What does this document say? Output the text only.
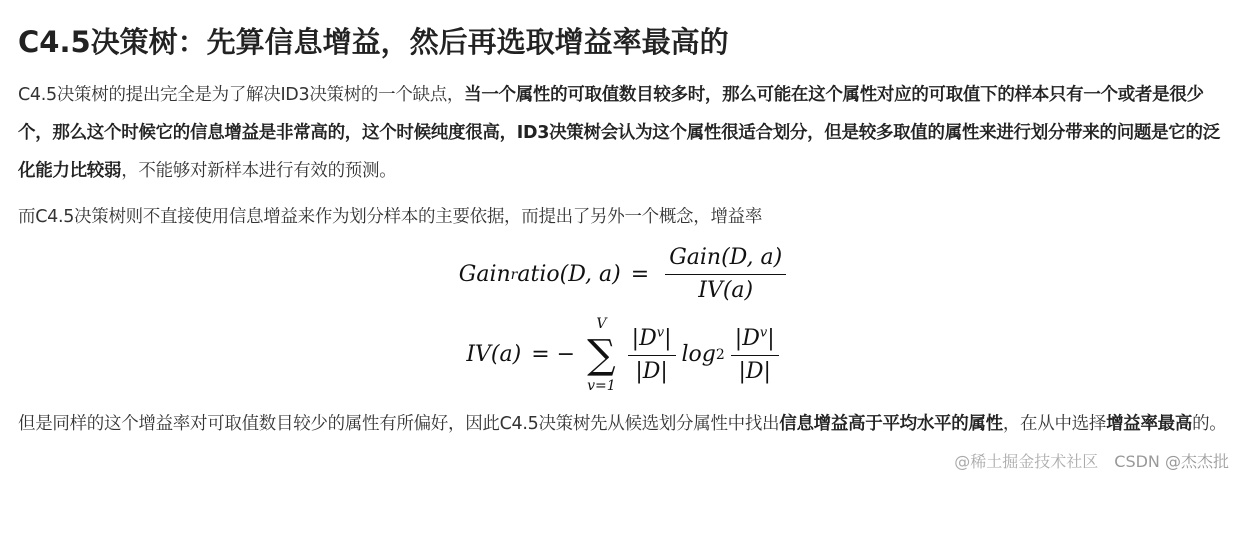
C4.5决策树：先算信息增益，然后再选取增益率最高的

C4.5决策树的提出完全是为了解决ID3决策树的一个缺点，当一个属性的可取值数目较多时，那么可能在这个属性对应的可取值下的样本只有一个或者是很少个，那么这个时候它的信息增益是非常高的，这个时候纯度很高，ID3决策树会认为这个属性很适合划分，但是较多取值的属性来进行划分带来的问题是它的泛化能力比较弱，不能够对新样本进行有效的预测。

而C4.5决策树则不直接使用信息增益来作为划分样本的主要依据，而提出了另外一个概念，增益率

Gain r atio(D, $a) = \frac{\text{Gain(D, a)}}{IV(a)}$
IV(a) = −
V
∑
v=1
$\frac{|D^v|}{|D|}$ $\log 2 \frac{|D^v|}{|D|}$

但是同样的这个增益率对可取值数目较少的属性有所偏好，因此C4.5决策树先从候选划分属性中找出信息增益高于平均水平的属性，在从中选择增益率最高的。

@稀土掘金技术社区 CSDN @杰杰批
